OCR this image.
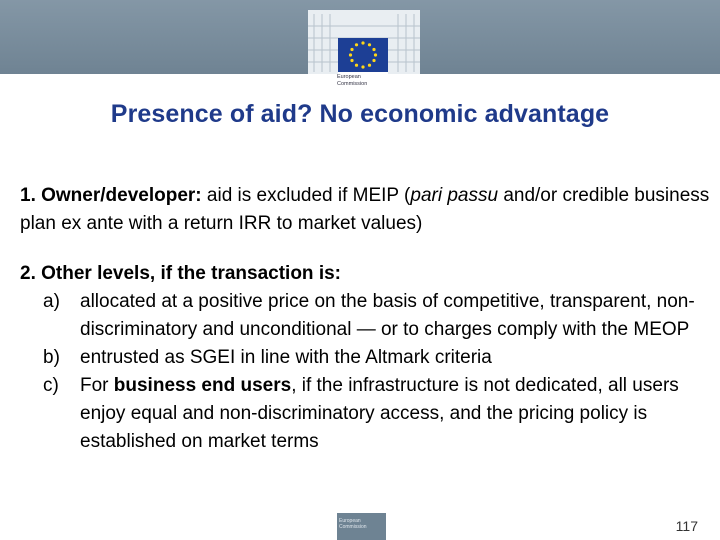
European
Commission
Presence of aid? No economic advantage

1. Owner/developer: aid is excluded if MEIP (pari passu and/or credible business plan ex ante with a return IRR to market values)

2. Other levels, if the transaction is:
a) allocated at a positive price on the basis of competitive, transparent, non-discriminatory and unconditional — or to charges comply with the MEOP
b) entrusted as SGEI in line with the Altmark criteria
c) For business end users, if the infrastructure is not dedicated, all users enjoy equal and non-discriminatory access, and the pricing policy is established on market terms
European Commission	117
